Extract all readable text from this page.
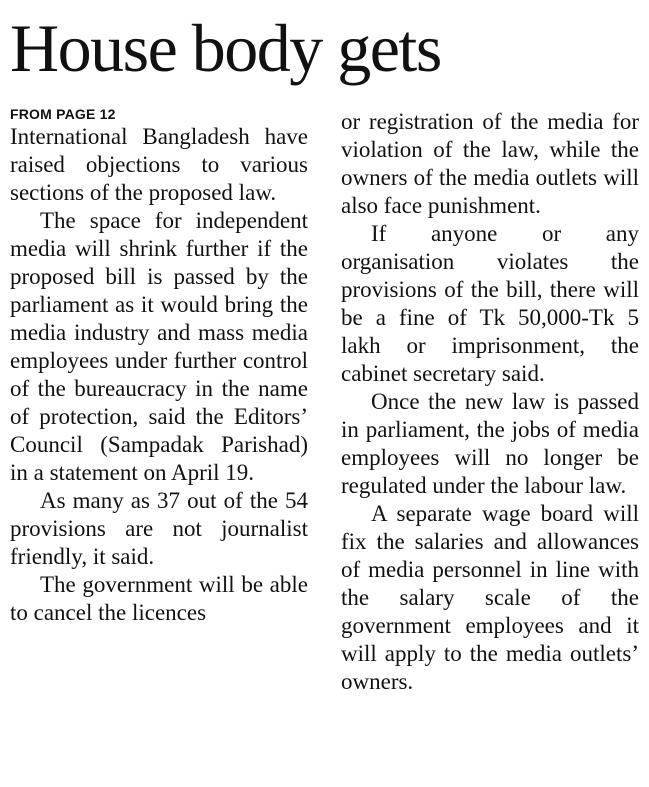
House body gets
FROM PAGE 12

International Bangladesh have raised objections to various sections of the proposed law.

The space for independent media will shrink further if the proposed bill is passed by the parliament as it would bring the media industry and mass media employees under further control of the bureaucracy in the name of protection, said the Editors’ Council (Sampadak Parishad) in a statement on April 19.

As many as 37 out of the 54 provisions are not journalist friendly, it said.

The government will be able to cancel the licences

or registration of the media for violation of the law, while the owners of the media outlets will also face punishment.

If anyone or any organisation violates the provisions of the bill, there will be a fine of Tk 50,000-Tk 5 lakh or imprisonment, the cabinet secretary said.

Once the new law is passed in parliament, the jobs of media employees will no longer be regulated under the labour law.

A separate wage board will fix the salaries and allowances of media personnel in line with the salary scale of the government employees and it will apply to the media outlets’ owners.
